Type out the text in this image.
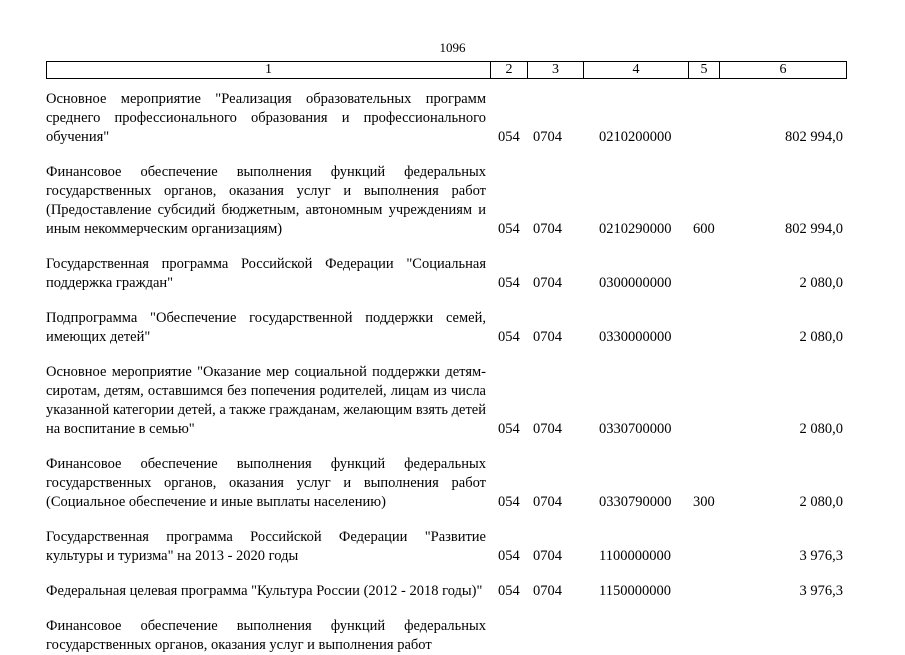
1096
1	2	3	4	5	6
Основное мероприятие "Реализация образовательных программ среднего профессионального образования и профессионального обучения"	054	0704	0210200000		802 994,0
Финансовое обеспечение выполнения функций федеральных государственных органов, оказания услуг и выполнения работ (Предоставление субсидий бюджетным, автономным учреждениям и иным некоммерческим организациям)	054	0704	0210290000	600	802 994,0
Государственная программа Российской Федерации "Социальная поддержка граждан"	054	0704	0300000000		2 080,0
Подпрограмма "Обеспечение государственной поддержки семей, имеющих детей"	054	0704	0330000000		2 080,0
Основное мероприятие "Оказание мер социальной поддержки детям-сиротам, детям, оставшимся без попечения родителей, лицам из числа указанной категории детей, а также гражданам, желающим взять детей на воспитание в семью"	054	0704	0330700000		2 080,0
Финансовое обеспечение выполнения функций федеральных государственных органов, оказания услуг и выполнения работ (Социальное обеспечение и иные выплаты населению)	054	0704	0330790000	300	2 080,0
Государственная программа Российской Федерации "Развитие культуры и туризма" на 2013 - 2020 годы	054	0704	1100000000		3 976,3
Федеральная целевая программа "Культура России (2012 - 2018 годы)"	054	0704	1150000000		3 976,3
Финансовое обеспечение выполнения функций федеральных государственных органов, оказания услуг и выполнения работ					
